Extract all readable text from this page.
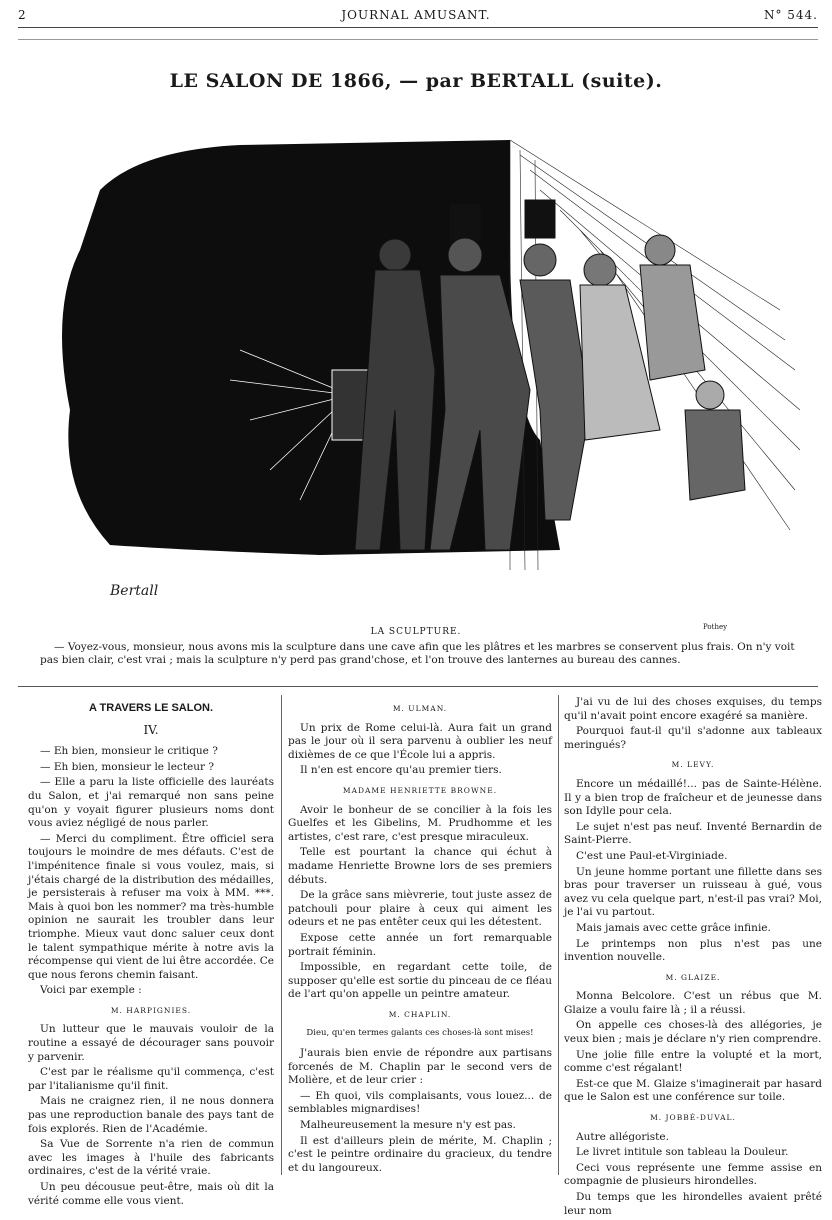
2	JOURNAL AMUSANT.	N° 544.
LE SALON DE 1866, — par BERTALL (suite).
Bertall
LA SCULPTURE.	Pothey
— Voyez-vous, monsieur, nous avons mis la sculpture dans une cave afin que les plâtres et les marbres se conservent plus frais. On n'y voit pas bien clair, c'est vrai ; mais la sculpture n'y perd pas grand'chose, et l'on trouve des lanternes au bureau des cannes.
A TRAVERS LE SALON.
IV.

— Eh bien, monsieur le critique ?

— Eh bien, monsieur le lecteur ?

— Elle a paru la liste officielle des lauréats du Salon, et j'ai remarqué non sans peine qu'on y voyait figurer plusieurs noms dont vous aviez négligé de nous parler.

— Merci du compliment. Être officiel sera toujours le moindre de mes défauts. C'est de l'impénitence finale si vous voulez, mais, si j'étais chargé de la distribution des médailles, je persisterais à refuser ma voix à MM. ***. Mais à quoi bon les nommer? ma très-humble opinion ne saurait les troubler dans leur triomphe. Mieux vaut donc saluer ceux dont le talent sympathique mérite à notre avis la récompense qui vient de lui être accordée. Ce que nous ferons chemin faisant.

Voici par exemple :

M. HARPIGNIES.

Un lutteur que le mauvais vouloir de la routine a essayé de décourager sans pouvoir y parvenir.

C'est par le réalisme qu'il commença, c'est par l'italianisme qu'il finit.

Mais ne craignez rien, il ne nous donnera pas une reproduction banale des pays tant de fois explorés. Rien de l'Académie.

Sa Vue de Sorrente n'a rien de commun avec les images à l'huile des fabricants ordinaires, c'est de la vérité vraie.

Un peu décousue peut-être, mais où dit la vérité comme elle vous vient.

M. ULMAN.

Un prix de Rome celui-là. Aura fait un grand pas le jour où il sera parvenu à oublier les neuf dixièmes de ce que l'École lui a appris.

Il n'en est encore qu'au premier tiers.

MADAME HENRIETTE BROWNE.

Avoir le bonheur de se concilier à la fois les Guelfes et les Gibelins, M. Prudhomme et les artistes, c'est rare, c'est presque miraculeux.

Telle est pourtant la chance qui échut à madame Henriette Browne lors de ses premiers débuts.

De la grâce sans mièvrerie, tout juste assez de patchouli pour plaire à ceux qui aiment les odeurs et ne pas entêter ceux qui les détestent.

Expose cette année un fort remarquable portrait féminin.

Impossible, en regardant cette toile, de supposer qu'elle est sortie du pinceau de ce fléau de l'art qu'on appelle un peintre amateur.

M. CHAPLIN.
Dieu, qu'en termes galants ces choses-là sont mises!

J'aurais bien envie de répondre aux partisans forcenés de M. Chaplin par le second vers de Molière, et de leur crier :

— Eh quoi, vils complaisants, vous louez... de semblables mignardises!

Malheureusement la mesure n'y est pas.

Il est d'ailleurs plein de mérite, M. Chaplin ; c'est le peintre ordinaire du gracieux, du tendre et du langoureux.

J'ai vu de lui des choses exquises, du temps qu'il n'avait point encore exagéré sa manière.

Pourquoi faut-il qu'il s'adonne aux tableaux meringués?

M. LEVY.

Encore un médaillé!... pas de Sainte-Hélène. Il y a bien trop de fraîcheur et de jeunesse dans son Idylle pour cela.

Le sujet n'est pas neuf. Inventé Bernardin de Saint-Pierre.

C'est une Paul-et-Virginiade.

Un jeune homme portant une fillette dans ses bras pour traverser un ruisseau à gué, vous avez vu cela quelque part, n'est-il pas vrai? Moi, je l'ai vu partout.

Mais jamais avec cette grâce infinie.

Le printemps non plus n'est pas une invention nouvelle.

M. GLAIZE.

Monna Belcolore. C'est un rébus que M. Glaize a voulu faire là ; il a réussi.

On appelle ces choses-là des allégories, je veux bien ; mais je déclare n'y rien comprendre.

Une jolie fille entre la volupté et la mort, comme c'est régalant!

Est-ce que M. Glaize s'imaginerait par hasard que le Salon est une conférence sur toile.

M. JOBBÉ-DUVAL.

Autre allégoriste.

Le livret intitule son tableau la Douleur.

Ceci vous représente une femme assise en compagnie de plusieurs hirondelles.

Du temps que les hirondelles avaient prêté leur nom
